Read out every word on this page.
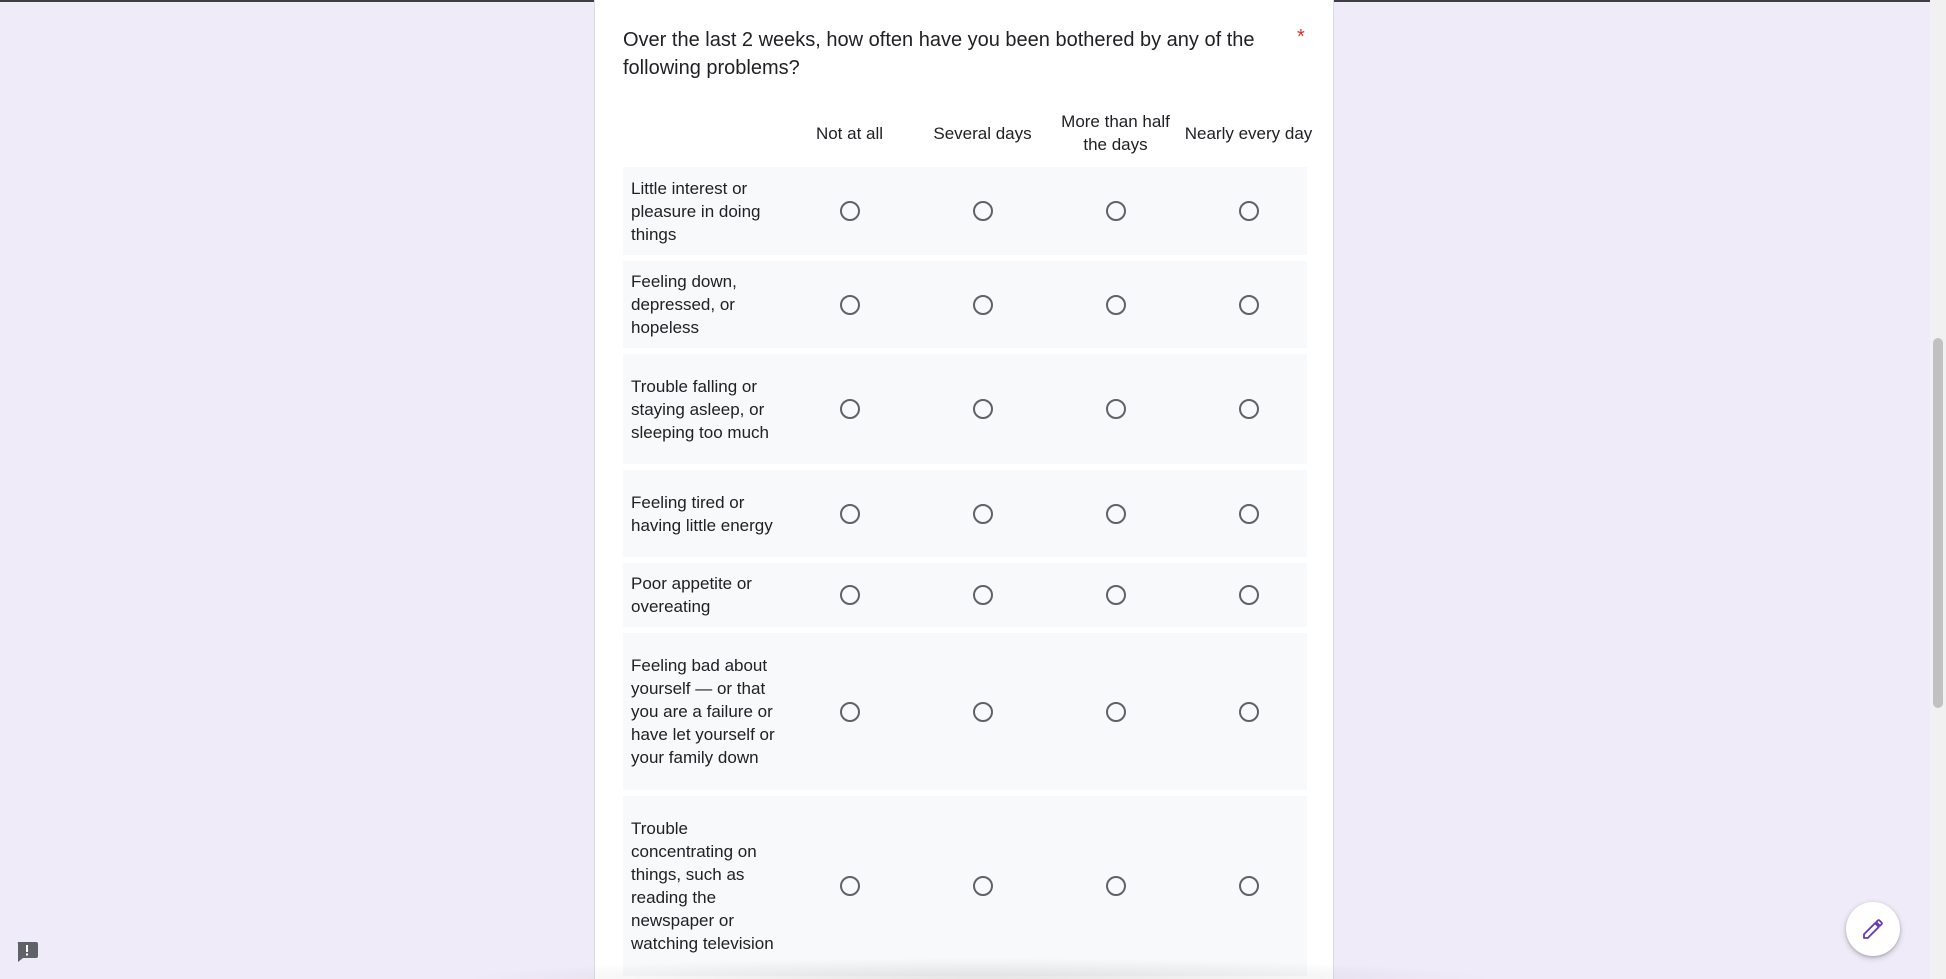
Over the last 2 weeks, how often have you been bothered by any of the following problems?
*
Not at all	Several days
More than half the days
Nearly every day
Little interest or pleasure in doing things
Feeling down, depressed, or hopeless
Trouble falling or staying asleep, or sleeping too much
Feeling tired or having little energy
Poor appetite or overeating
Feeling bad about yourself — or that you are a failure or have let yourself or your family down
Trouble concentrating on things, such as reading the newspaper or watching television
